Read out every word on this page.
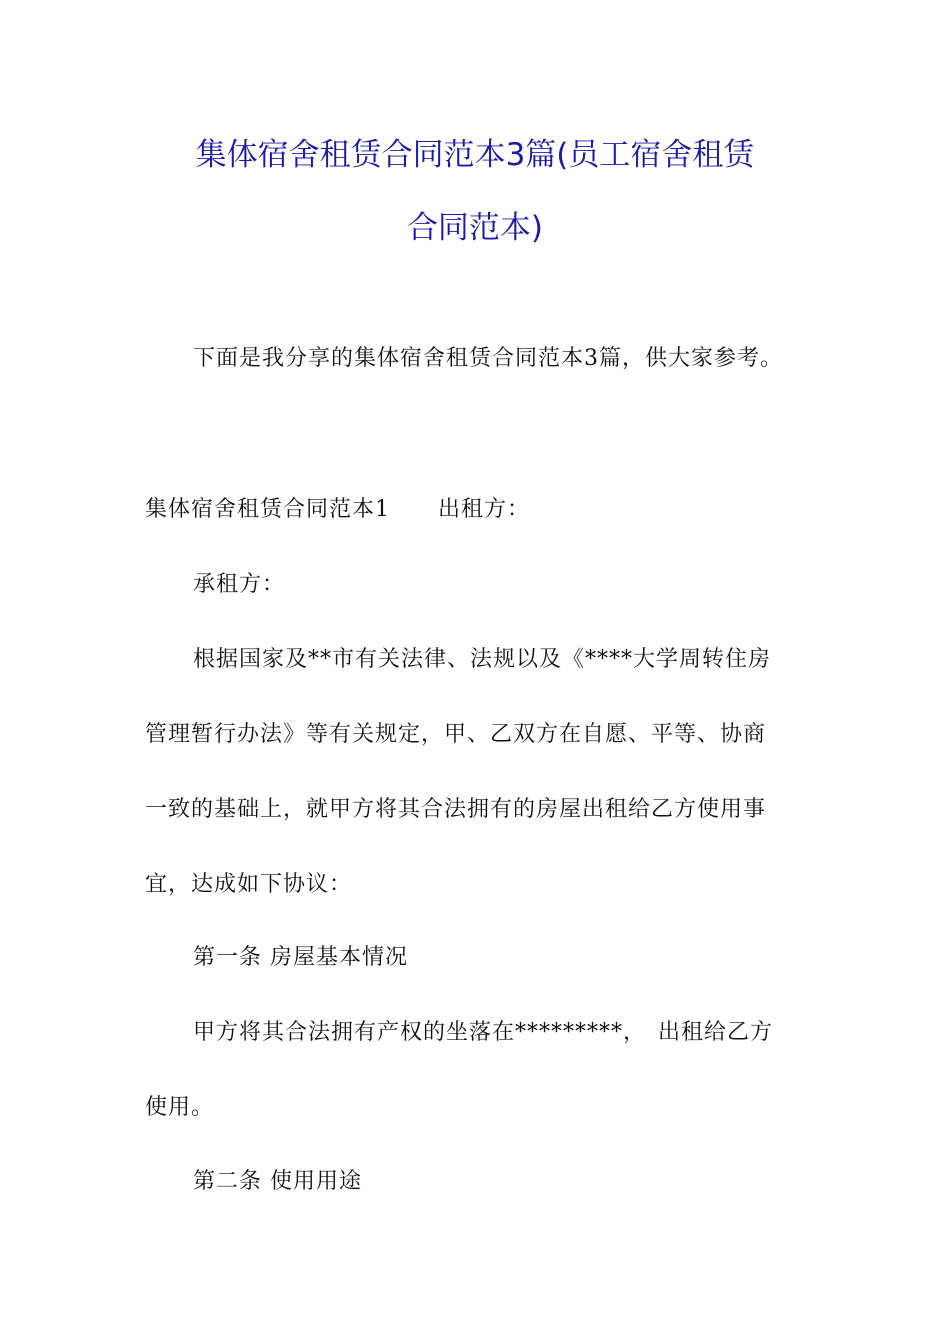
集体宿舍租赁合同范本3篇(员工宿舍租赁
合同范本)
下面是我分享的集体宿舍租赁合同范本3篇，供大家参考。
集体宿舍租赁合同范本1 出租方：
承租方：
根据国家及**市有关法律、法规以及《****大学周转住房
管理暂行办法》等有关规定，甲、乙双方在自愿、平等、协商
一致的基础上，就甲方将其合法拥有的房屋出租给乙方使用事
宜，达成如下协议：
第一条 房屋基本情况
甲方将其合法拥有产权的坐落在*********，　出租给乙方
使用。
第二条 使用用途
